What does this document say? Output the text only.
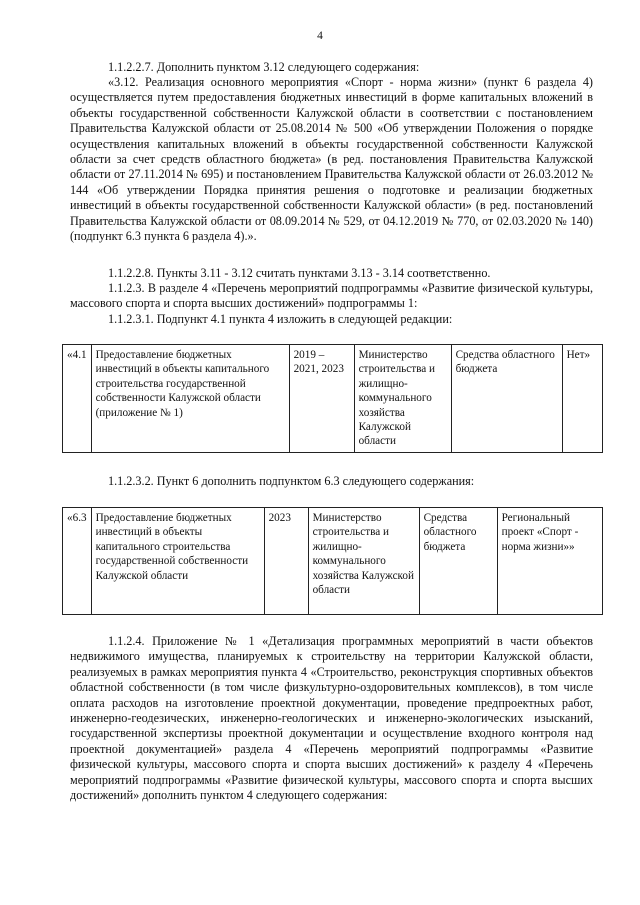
4

1.1.2.2.7. Дополнить пунктом 3.12 следующего содержания:

«3.12. Реализация основного мероприятия «Спорт - норма жизни» (пункт 6 раздела 4) осуществляется путем предоставления бюджетных инвестиций в форме капитальных вложений в объекты государственной собственности Калужской области в соответствии с постановлением Правительства Калужской области от 25.08.2014 № 500 «Об утверждении Положения о порядке осуществления капитальных вложений в объекты государственной собственности Калужской области за счет средств областного бюджета» (в ред. постановления Правительства Калужской области от 27.11.2014 № 695) и постановлением Правительства Калужской области от 26.03.2012 № 144 «Об утверждении Порядка принятия решения о подготовке и реализации бюджетных инвестиций в объекты государственной собственности Калужской области» (в ред. постановлений Правительства Калужской области от 08.09.2014 № 529, от 04.12.2019 № 770, от 02.03.2020 № 140) (подпункт 6.3 пункта 6 раздела 4).».

1.1.2.2.8. Пункты 3.11 - 3.12 считать пунктами 3.13 - 3.14 соответственно.

1.1.2.3. В разделе 4 «Перечень мероприятий подпрограммы «Развитие физической культуры, массового спорта и спорта высших достижений» подпрограммы 1:

1.1.2.3.1. Подпункт 4.1 пункта 4 изложить в следующей редакции:

«4.1	Предоставление бюджетных инвестиций в объекты капитального строительства государственной собственности Калужской области (приложение № 1)	2019 – 2021, 2023	Министерство строительства и жилищно-коммунального хозяйства Калужской области	Средства областного бюджета	Нет»

1.1.2.3.2. Пункт 6 дополнить подпунктом 6.3 следующего содержания:

«6.3	Предоставление бюджетных инвестиций в объекты капитального строительства государственной собственности Калужской области	2023	Министерство строительства и жилищно-коммунального хозяйства Калужской области	Средства областного бюджета	Региональный проект «Спорт - норма жизни»»

1.1.2.4. Приложение № 1 «Детализация программных мероприятий в части объектов недвижимого имущества, планируемых к строительству на территории Калужской области, реализуемых в рамках мероприятия пункта 4 «Строительство, реконструкция спортивных объектов областной собственности (в том числе физкультурно-оздоровительных комплексов), в том числе оплата расходов на изготовление проектной документации, проведение предпроектных работ, инженерно-геодезических, инженерно-геологических и инженерно-экологических изысканий, государственной экспертизы проектной документации и осуществление входного контроля над проектной документацией» раздела 4 «Перечень мероприятий подпрограммы «Развитие физической культуры, массового спорта и спорта высших достижений» к разделу 4 «Перечень мероприятий подпрограммы «Развитие физической культуры, массового спорта и спорта высших достижений» дополнить пунктом 4 следующего содержания:
